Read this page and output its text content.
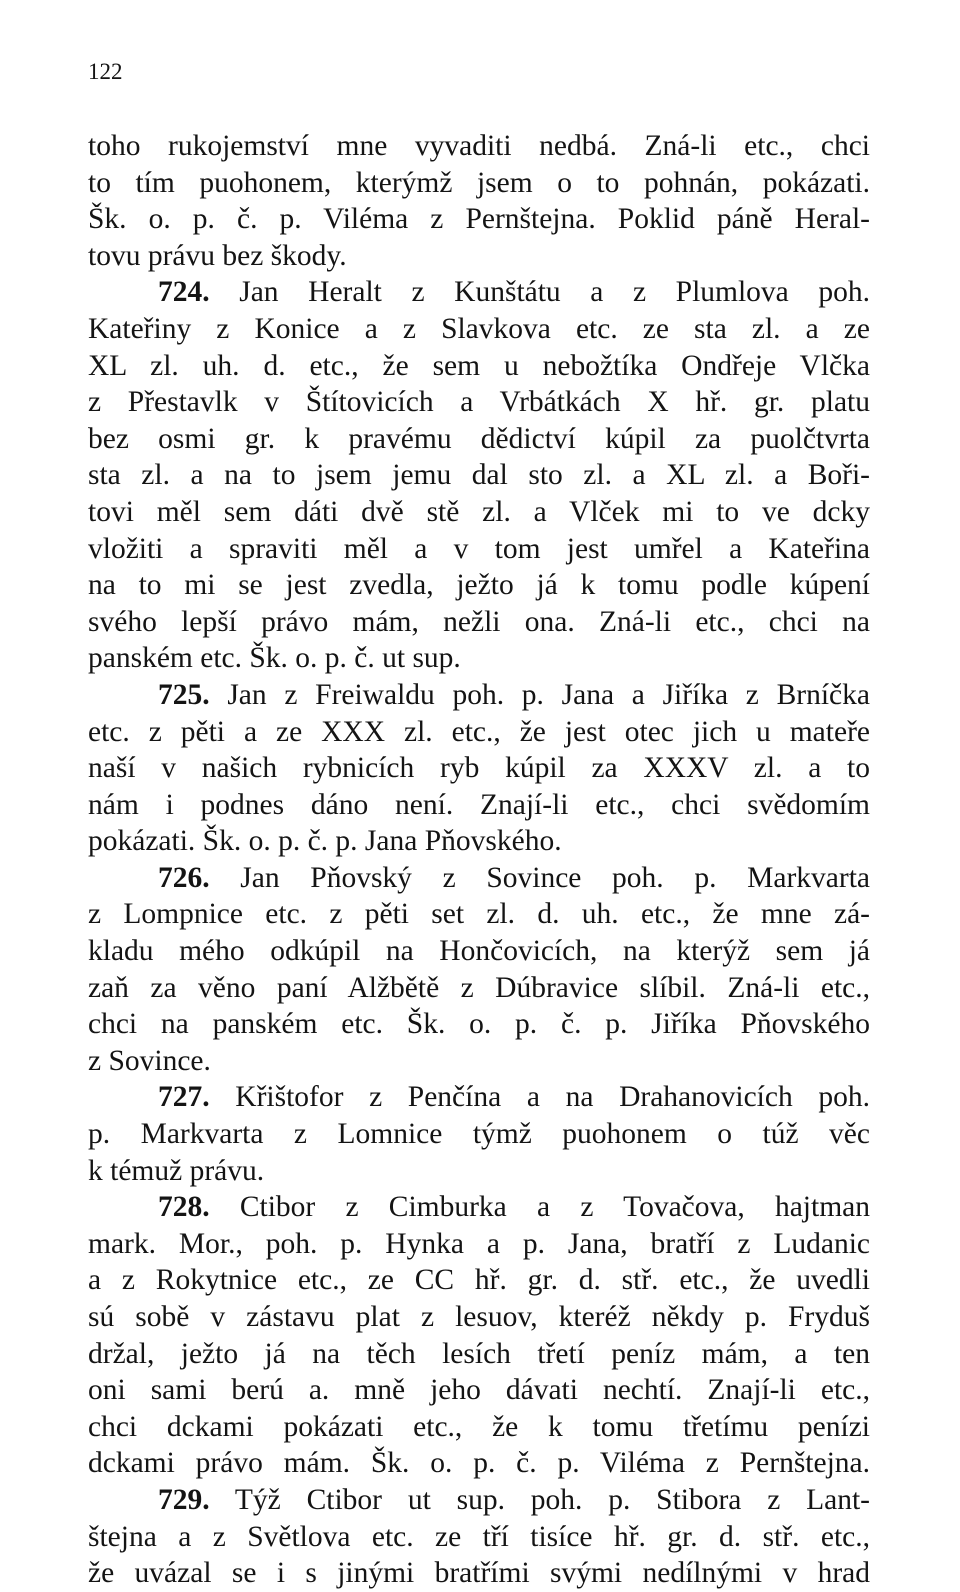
122
toho rukojemství mne vyvaditi nedbá. Zná-li etc., chci
to tím puohonem, kterýmž jsem o to pohnán, pokázati.
Šk. o. p. č. p. Viléma z Pernštejna. Poklid páně Heral-
tovu právu bez škody.
724. Jan Heralt z Kunštátu a z Plumlova poh.
Kateřiny z Konice a z Slavkova etc. ze sta zl. a ze
XL zl. uh. d. etc., že sem u nebožtíka Ondřeje Vlčka
z Přestavlk v Štítovicích a Vrbátkách X hř. gr. platu
bez osmi gr. k pravému dědictví kúpil za puolčtvrta
sta zl. a na to jsem jemu dal sto zl. a XL zl. a Boři-
tovi měl sem dáti dvě stě zl. a Vlček mi to ve dcky
vložiti a spraviti měl a v tom jest umřel a Kateřina
na to mi se jest zvedla, ježto já k tomu podle kúpení
svého lepší právo mám, nežli ona. Zná-li etc., chci na
panském etc. Šk. o. p. č. ut sup.
725. Jan z Freiwaldu poh. p. Jana a Jiříka z Brníčka
etc. z pěti a ze XXX zl. etc., že jest otec jich u mateře
naší v našich rybnicích ryb kúpil za XXXV zl. a to
nám i podnes dáno není. Znají-li etc., chci svědomím
pokázati. Šk. o. p. č. p. Jana Pňovského.
726. Jan Pňovský z Sovince poh. p. Markvarta
z Lompnice etc. z pěti set zl. d. uh. etc., že mne zá-
kladu mého odkúpil na Hončovicích, na kterýž sem já
zaň za věno paní Alžbětě z Dúbravice slíbil. Zná-li etc.,
chci na panském etc. Šk. o. p. č. p. Jiříka Pňovského
z Sovince.
727. Křištofor z Penčína a na Drahanovicích poh.
p. Markvarta z Lomnice týmž puohonem o túž věc
k témuž právu.
728. Ctibor z Cimburka a z Tovačova, hajtman
mark. Mor., poh. p. Hynka a p. Jana, bratří z Ludanic
a z Rokytnice etc., ze CC hř. gr. d. stř. etc., že uvedli
sú sobě v zástavu plat z lesuov, kteréž někdy p. Fryduš
držal, ježto já na těch lesích třetí peníz mám, a ten
oni sami berú a. mně jeho dávati nechtí. Znají-li etc.,
chci dckami pokázati etc., že k tomu třetímu penízi
dckami právo mám. Šk. o. p. č. p. Viléma z Pernštejna.
729. Týž Ctibor ut sup. poh. p. Stibora z Lant-
štejna a z Světlova etc. ze tří tisíce hř. gr. d. stř. etc.,
že uvázal se i s jinými bratřími svými nedílnými v hrad
